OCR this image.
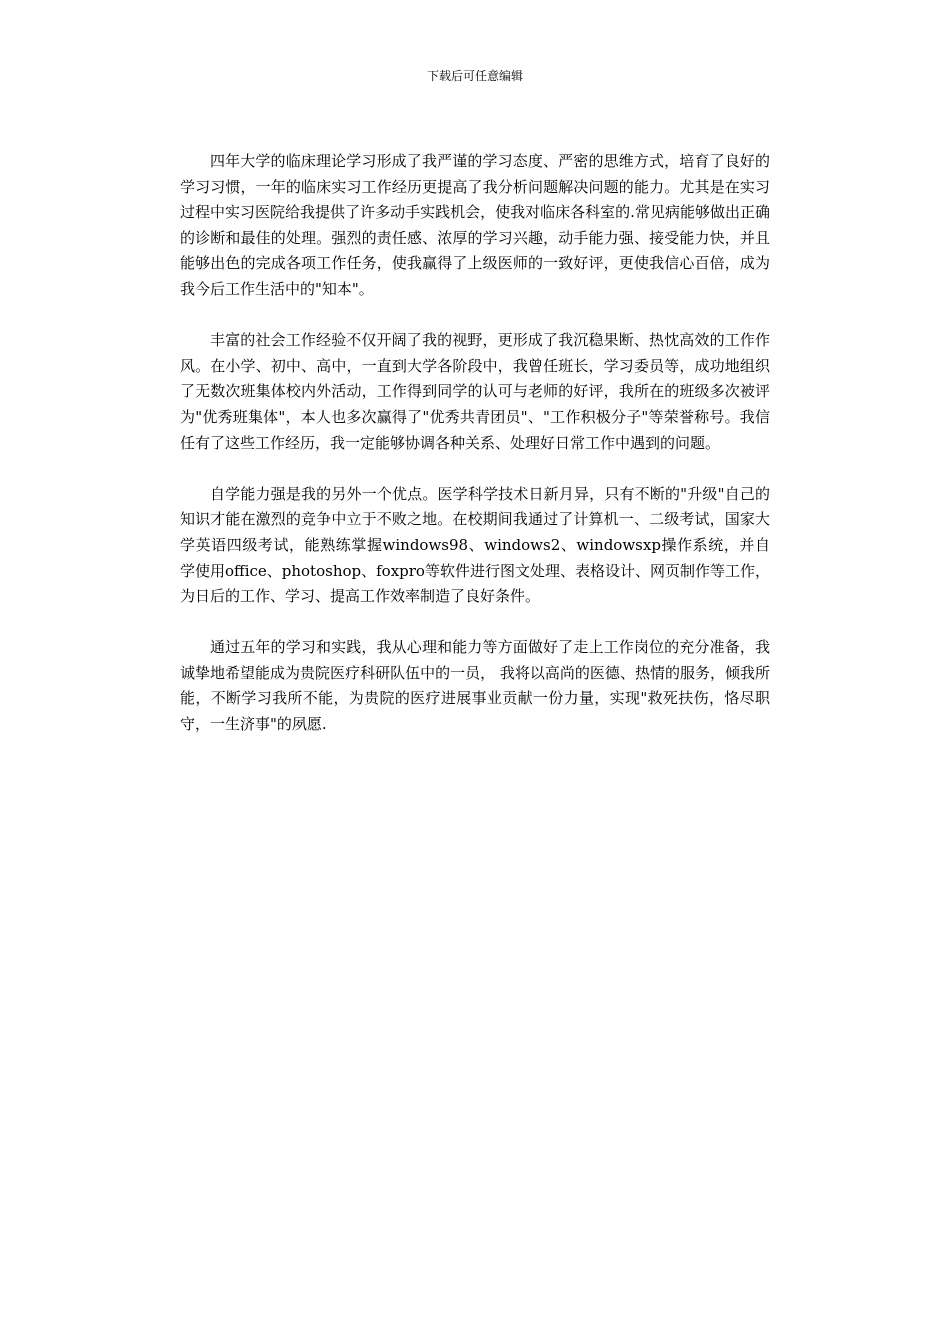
下载后可任意编辑

四年大学的临床理论学习形成了我严谨的学习态度、严密的思维方式，培育了良好的学习习惯，一年的临床实习工作经历更提高了我分析问题解决问题的能力。尤其是在实习过程中实习医院给我提供了许多动手实践机会，使我对临床各科室的.常见病能够做出正确的诊断和最佳的处理。强烈的责任感、浓厚的学习兴趣，动手能力强、接受能力快，并且能够出色的完成各项工作任务，使我赢得了上级医师的一致好评，更使我信心百倍，成为我今后工作生活中的"知本"。

丰富的社会工作经验不仅开阔了我的视野，更形成了我沉稳果断、热忱高效的工作作风。在小学、初中、高中，一直到大学各阶段中，我曾任班长，学习委员等，成功地组织了无数次班集体校内外活动，工作得到同学的认可与老师的好评，我所在的班级多次被评为"优秀班集体"，本人也多次赢得了"优秀共青团员"、"工作积极分子"等荣誉称号。我信任有了这些工作经历，我一定能够协调各种关系、处理好日常工作中遇到的问题。

自学能力强是我的另外一个优点。医学科学技术日新月异，只有不断的"升级"自己的知识才能在激烈的竞争中立于不败之地。在校期间我通过了计算机一、二级考试，国家大学英语四级考试，能熟练掌握windows98、windows2、windowsxp操作系统，并自学使用office、photoshop、foxpro等软件进行图文处理、表格设计、网页制作等工作，为日后的工作、学习、提高工作效率制造了良好条件。

通过五年的学习和实践，我从心理和能力等方面做好了走上工作岗位的充分准备，我诚挚地希望能成为贵院医疗科研队伍中的一员， 我将以高尚的医德、热情的服务，倾我所能，不断学习我所不能，为贵院的医疗进展事业贡献一份力量，实现"救死扶伤，恪尽职守，一生济事"的夙愿.
